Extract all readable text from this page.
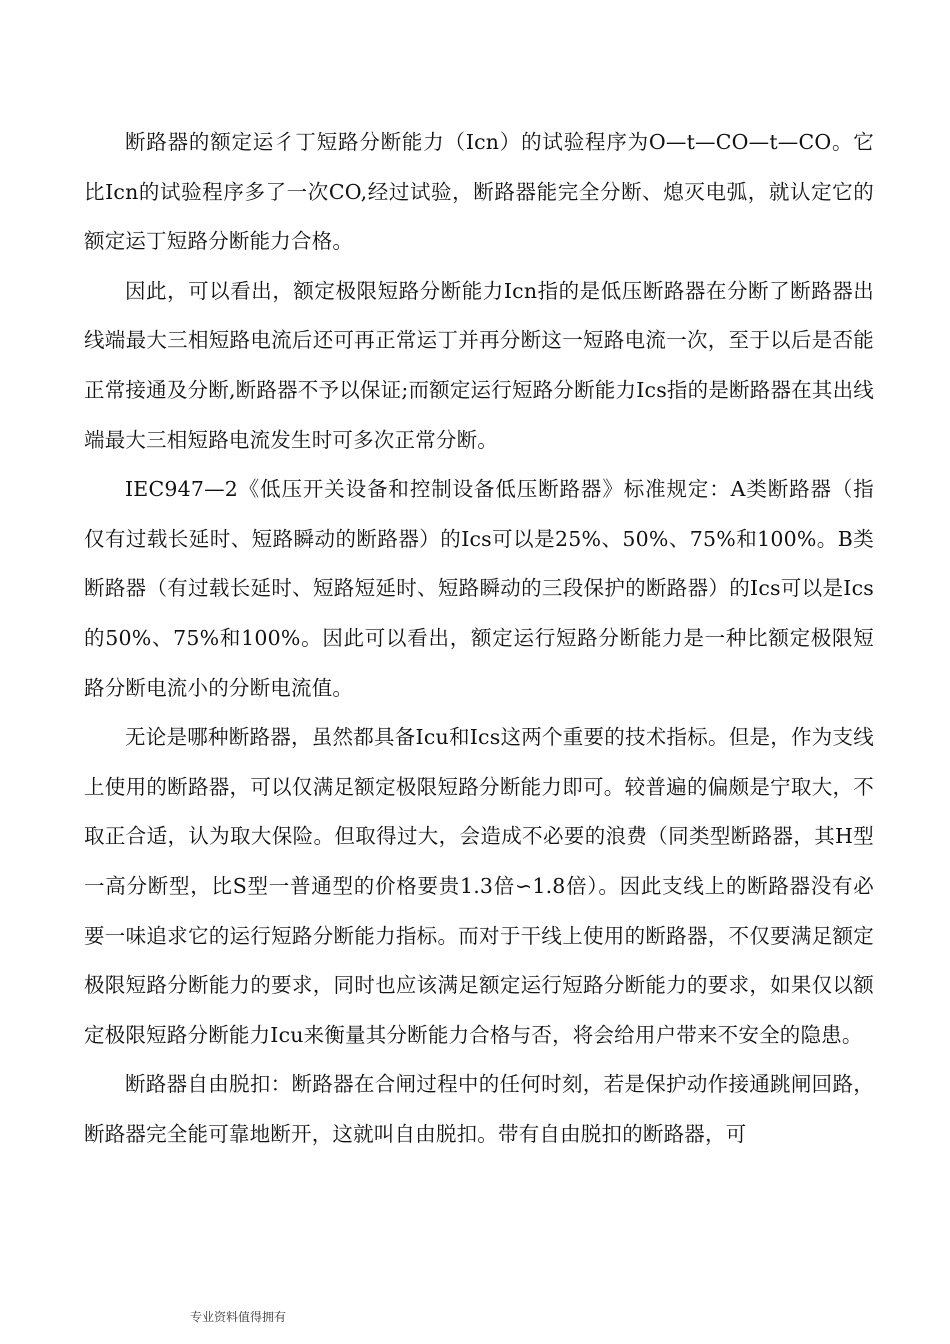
断路器的额定运彳丁短路分断能力（Icn）的试验程序为O—t—CO—t—CO。它比Icn的试验程序多了一次CO,经过试验，断路器能完全分断、熄灭电弧，就认定它的额定运丁短路分断能力合格。

因此，可以看出，额定极限短路分断能力Icn指的是低压断路器在分断了断路器出线端最大三相短路电流后还可再正常运丁并再分断这一短路电流一次，至于以后是否能正常接通及分断,断路器不予以保证;而额定运行短路分断能力Ics指的是断路器在其出线端最大三相短路电流发生时可多次正常分断。

IEC947—2《低压开关设备和控制设备低压断路器》标准规定：A类断路器（指仅有过载长延时、短路瞬动的断路器）的Ics可以是25%、50%、75%和100%。B类断路器（有过载长延时、短路短延时、短路瞬动的三段保护的断路器）的Ics可以是Ics的50%、75%和100%。因此可以看出，额定运行短路分断能力是一种比额定极限短路分断电流小的分断电流值。

无论是哪种断路器，虽然都具备Icu和Ics这两个重要的技术指标。但是，作为支线上使用的断路器，可以仅满足额定极限短路分断能力即可。较普遍的偏颇是宁取大，不取正合适，认为取大保险。但取得过大，会造成不必要的浪费（同类型断路器，其H型一高分断型，比S型一普通型的价格要贵1.3倍∽1.8倍）。因此支线上的断路器没有必要一味追求它的运行短路分断能力指标。而对于干线上使用的断路器，不仅要满足额定极限短路分断能力的要求，同时也应该满足额定运行短路分断能力的要求，如果仅以额定极限短路分断能力Icu来衡量其分断能力合格与否，将会给用户带来不安全的隐患。

断路器自由脱扣：断路器在合闸过程中的任何时刻，若是保护动作接通跳闸回路，断路器完全能可靠地断开，这就叫自由脱扣。带有自由脱扣的断路器，可

专业资料值得拥有
